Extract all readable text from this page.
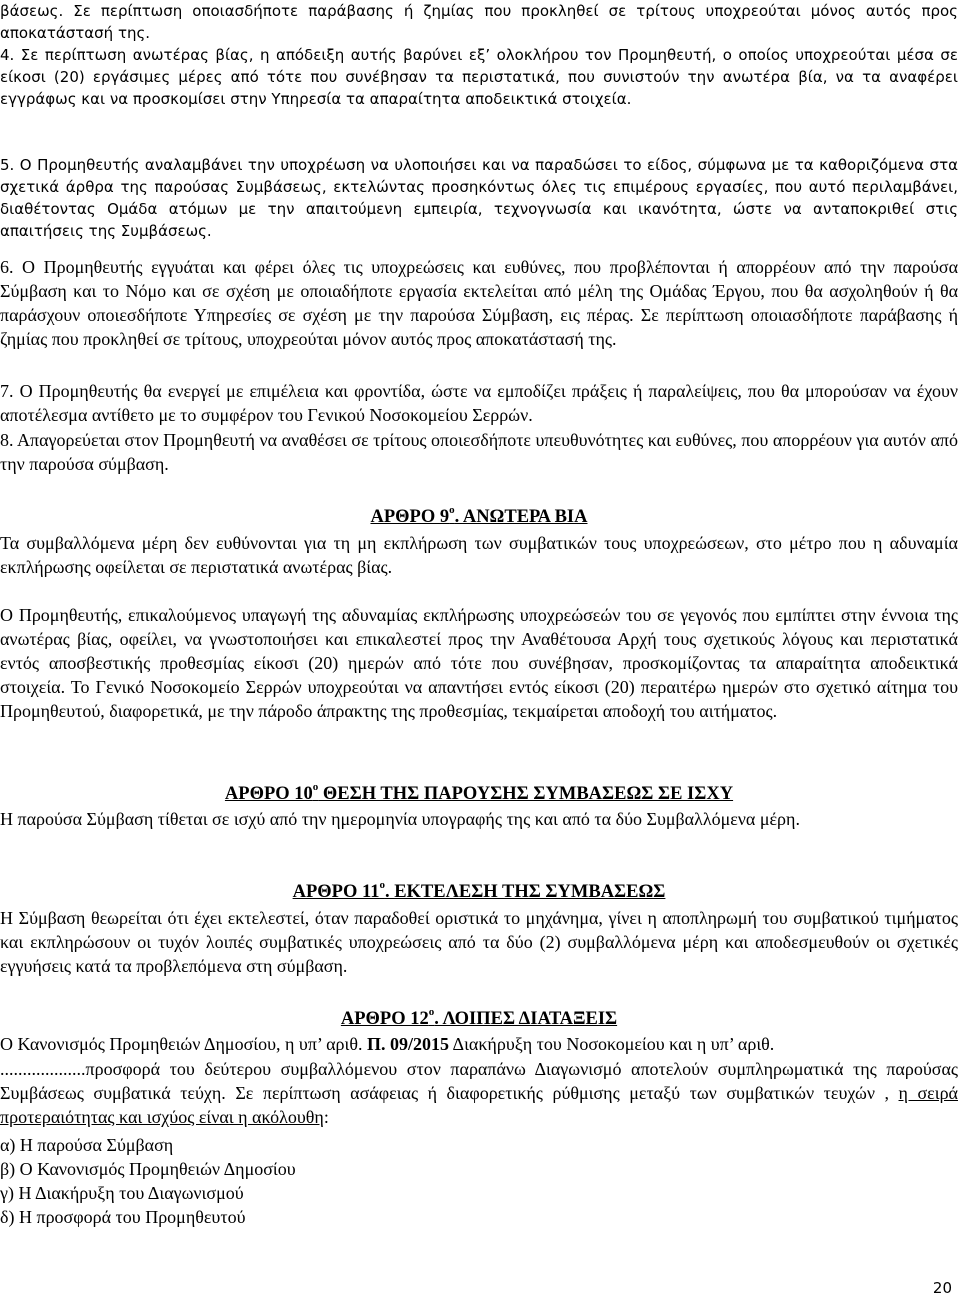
βάσεως. Σε περίπτωση οποιασδήποτε παράβασης ή ζημίας που προκληθεί σε τρίτους υποχρεούται μόνος αυτός προς αποκατάστασή της.

4. Σε περίπτωση ανωτέρας βίας, η απόδειξη αυτής βαρύνει εξ’ ολοκλήρου τον Προμηθευτή, ο οποίος υποχρεούται μέσα σε είκοσι (20) εργάσιμες μέρες από τότε που συνέβησαν τα περιστατικά, που συνιστούν την ανωτέρα βία, να τα αναφέρει εγγράφως και να προσκομίσει στην Υπηρεσία τα απαραίτητα αποδεικτικά στοιχεία.

5. Ο Προμηθευτής αναλαμβάνει την υποχρέωση να υλοποιήσει και να παραδώσει το είδος, σύμφωνα με τα καθοριζόμενα στα σχετικά άρθρα της παρούσας Συμβάσεως, εκτελώντας προσηκόντως όλες τις επιμέρους εργασίες, που αυτό περιλαμβάνει, διαθέτοντας Ομάδα ατόμων με την απαιτούμενη εμπειρία, τεχνογνωσία και ικανότητα, ώστε να ανταποκριθεί στις απαιτήσεις της Συμβάσεως.

6. Ο Προμηθευτής εγγυάται και φέρει όλες τις υποχρεώσεις και ευθύνες, που προβλέπονται ή απορρέουν από την παρούσα Σύμβαση και το Νόμο και σε σχέση με οποιαδήποτε εργασία εκτελείται από μέλη της Ομάδας Έργου, που θα ασχοληθούν ή θα παράσχουν οποιεσδήποτε Υπηρεσίες σε σχέση με την παρούσα Σύμβαση, εις πέρας. Σε περίπτωση οποιασδήποτε παράβασης ή ζημίας που προκληθεί σε τρίτους, υποχρεούται μόνον αυτός προς αποκατάστασή της.

7. Ο Προμηθευτής θα ενεργεί με επιμέλεια και φροντίδα, ώστε να εμποδίζει πράξεις ή παραλείψεις, που θα μπορούσαν να έχουν αποτέλεσμα αντίθετο με το συμφέρον του Γενικού Νοσοκομείου Σερρών.

8. Απαγορεύεται στον Προμηθευτή να αναθέσει σε τρίτους οποιεσδήποτε υπευθυνότητες και ευθύνες, που απορρέουν για αυτόν από την παρούσα σύμβαση.

ΑΡΘΡΟ $9^o$. ΑΝΩΤΕΡΑ ΒΙΑ

Τα συμβαλλόμενα μέρη δεν ευθύνονται για τη μη εκπλήρωση των συμβατικών τους υποχρεώσεων, στο μέτρο που η αδυναμία εκπλήρωσης οφείλεται σε περιστατικά ανωτέρας βίας.

Ο Προμηθευτής, επικαλούμενος υπαγωγή της αδυναμίας εκπλήρωσης υποχρεώσεών του σε γεγονός που εμπίπτει στην έννοια της ανωτέρας βίας, οφείλει, να γνωστοποιήσει και επικαλεστεί προς την Αναθέτουσα Αρχή τους σχετικούς λόγους και περιστατικά εντός αποσβεστικής προθεσμίας είκοσι (20) ημερών από τότε που συνέβησαν, προσκομίζοντας τα απαραίτητα αποδεικτικά στοιχεία. Το Γενικό Νοσοκομείο Σερρών υποχρεούται να απαντήσει εντός είκοσι (20) περαιτέρω ημερών στο σχετικό αίτημα του Προμηθευτού, διαφορετικά, με την πάροδο άπρακτης της προθεσμίας, τεκμαίρεται αποδοχή του αιτήματος.

ΑΡΘΡΟ $10^o$ ΘΕΣΗ ΤΗΣ ΠΑΡΟΥΣΗΣ ΣΥΜΒΑΣΕΩΣ ΣΕ ΙΣΧΥ

Η παρούσα Σύμβαση τίθεται σε ισχύ από την ημερομηνία υπογραφής της και από τα δύο Συμβαλλόμενα μέρη.

ΑΡΘΡΟ $11^o$. ΕΚΤΕΛΕΣΗ ΤΗΣ ΣΥΜΒΑΣΕΩΣ

Η Σύμβαση θεωρείται ότι έχει εκτελεστεί, όταν παραδοθεί οριστικά το μηχάνημα, γίνει η αποπληρωμή του συμβατικού τιμήματος και εκπληρώσουν οι τυχόν λοιπές συμβατικές υποχρεώσεις από τα δύο (2) συμβαλλόμενα μέρη και αποδεσμευθούν οι σχετικές εγγυήσεις κατά τα προβλεπόμενα στη σύμβαση.

ΑΡΘΡΟ $12^o$. ΛΟΙΠΕΣ ΔΙΑΤΑΞΕΙΣ

Ο Κανονισμός Προμηθειών Δημοσίου, η υπ’ αριθ. Π. 09/2015 Διακήρυξη του Νοσοκομείου και η υπ’ αριθ.

...................προσφορά του δεύτερου συμβαλλόμενου στον παραπάνω Διαγωνισμό αποτελούν συμπληρωματικά της παρούσας Συμβάσεως συμβατικά τεύχη. Σε περίπτωση ασάφειας ή διαφορετικής ρύθμισης μεταξύ των συμβατικών τευχών , η σειρά προτεραιότητας και ισχύος είναι η ακόλουθη:

α) Η παρούσα Σύμβαση
β) Ο Κανονισμός Προμηθειών Δημοσίου
γ) Η Διακήρυξη του Διαγωνισμού
δ) Η προσφορά του Προμηθευτού
20
